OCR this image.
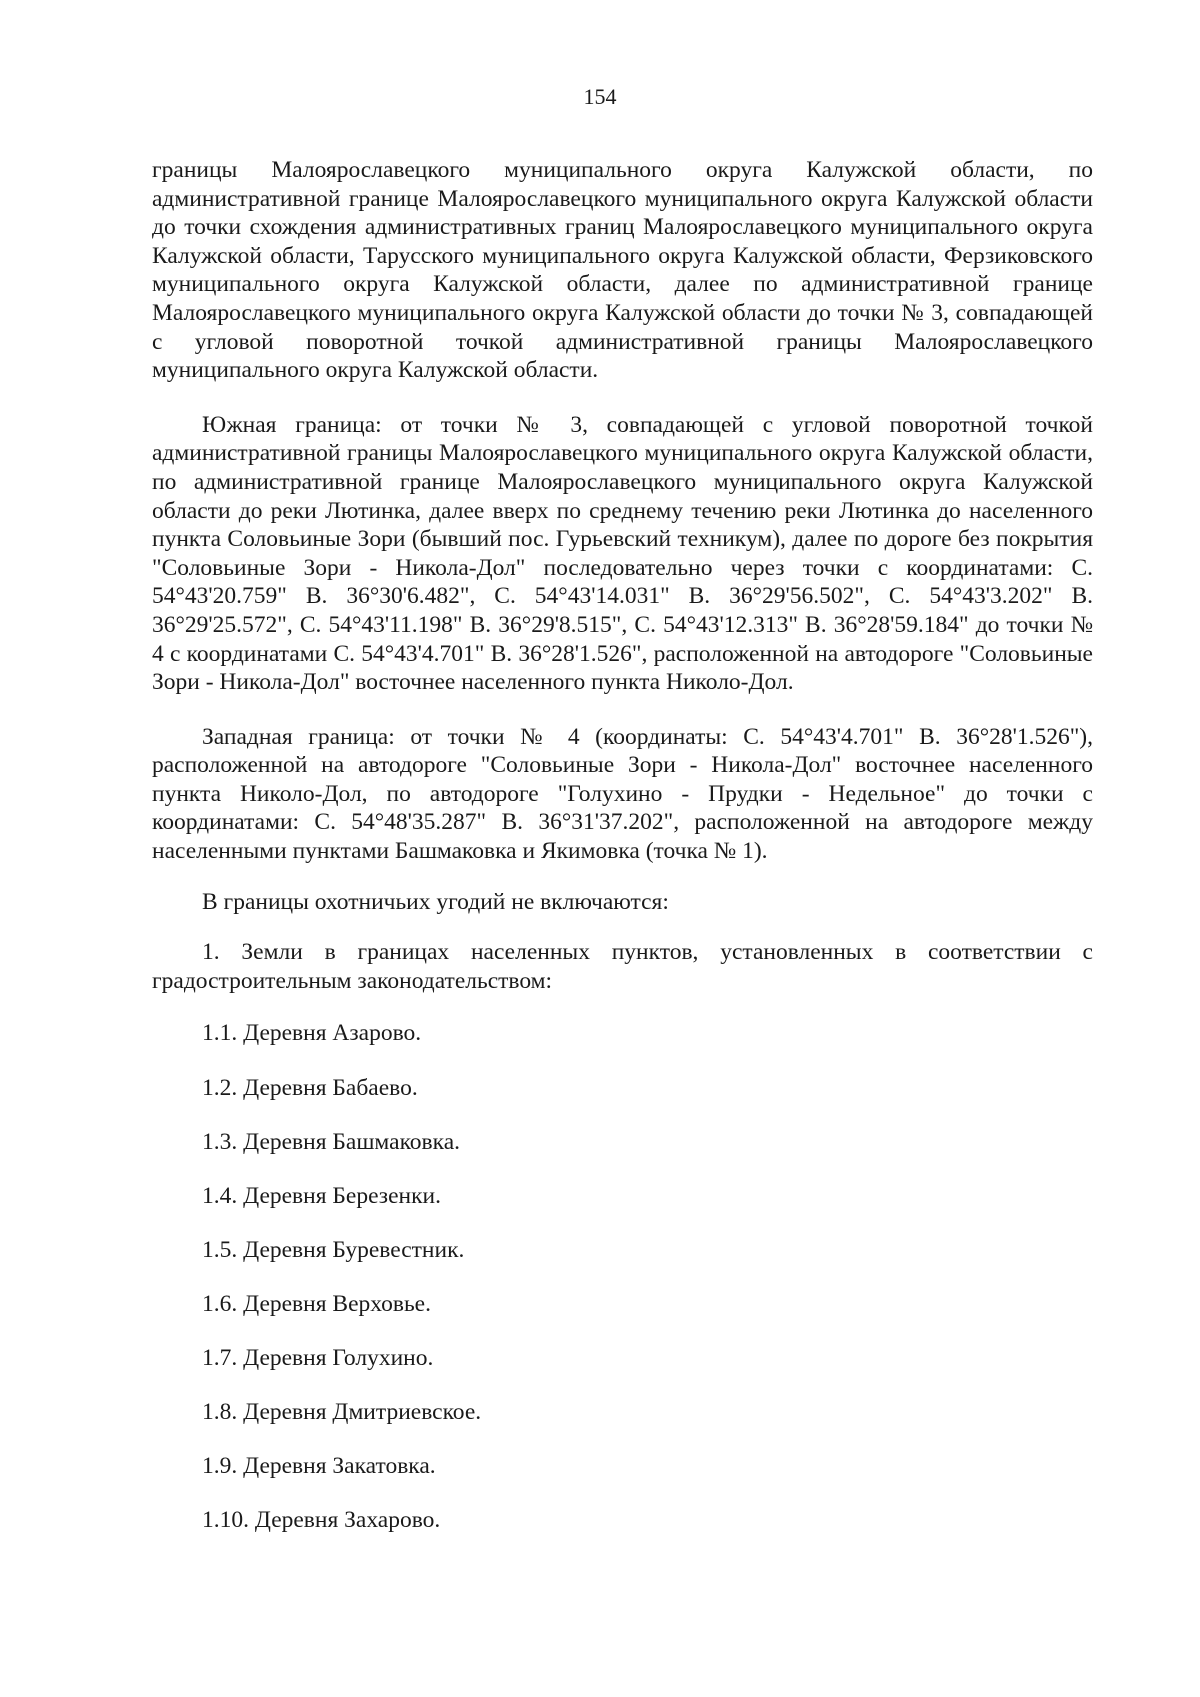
154

границы Малоярославецкого муниципального округа Калужской области, по административной границе Малоярославецкого муниципального округа Калужской области до точки схождения административных границ Малоярославецкого муниципального округа Калужской области, Тарусского муниципального округа Калужской области, Ферзиковского муниципального округа Калужской области, далее по административной границе Малоярославецкого муниципального округа Калужской области до точки № 3, совпадающей с угловой поворотной точкой административной границы Малоярославецкого муниципального округа Калужской области.

Южная граница: от точки № 3, совпадающей с угловой поворотной точкой административной границы Малоярославецкого муниципального округа Калужской области, по административной границе Малоярославецкого муниципального округа Калужской области до реки Лютинка, далее вверх по среднему течению реки Лютинка до населенного пункта Соловьиные Зори (бывший пос. Гурьевский техникум), далее по дороге без покрытия "Соловьиные Зори - Никола-Дол" последовательно через точки с координатами: С. 54°43'20.759" В. 36°30'6.482", С. 54°43'14.031" В. 36°29'56.502", С. 54°43'3.202" В. 36°29'25.572", С. 54°43'11.198" В. 36°29'8.515", С. 54°43'12.313" В. 36°28'59.184" до точки № 4 с координатами С. 54°43'4.701" В. 36°28'1.526", расположенной на автодороге "Соловьиные Зори - Никола-Дол" восточнее населенного пункта Николо-Дол.

Западная граница: от точки № 4 (координаты: С. 54°43'4.701" В. 36°28'1.526"), расположенной на автодороге "Соловьиные Зори - Никола-Дол" восточнее населенного пункта Николо-Дол, по автодороге "Голухино - Прудки - Недельное" до точки с координатами: С. 54°48'35.287" В. 36°31'37.202", расположенной на автодороге между населенными пунктами Башмаковка и Якимовка (точка № 1).

В границы охотничьих угодий не включаются:

1. Земли в границах населенных пунктов, установленных в соответствии с градостроительным законодательством:

1.1. Деревня Азарово.

1.2. Деревня Бабаево.

1.3. Деревня Башмаковка.

1.4. Деревня Березенки.

1.5. Деревня Буревестник.

1.6. Деревня Верховье.

1.7. Деревня Голухино.

1.8. Деревня Дмитриевское.

1.9. Деревня Закатовка.

1.10. Деревня Захарово.
